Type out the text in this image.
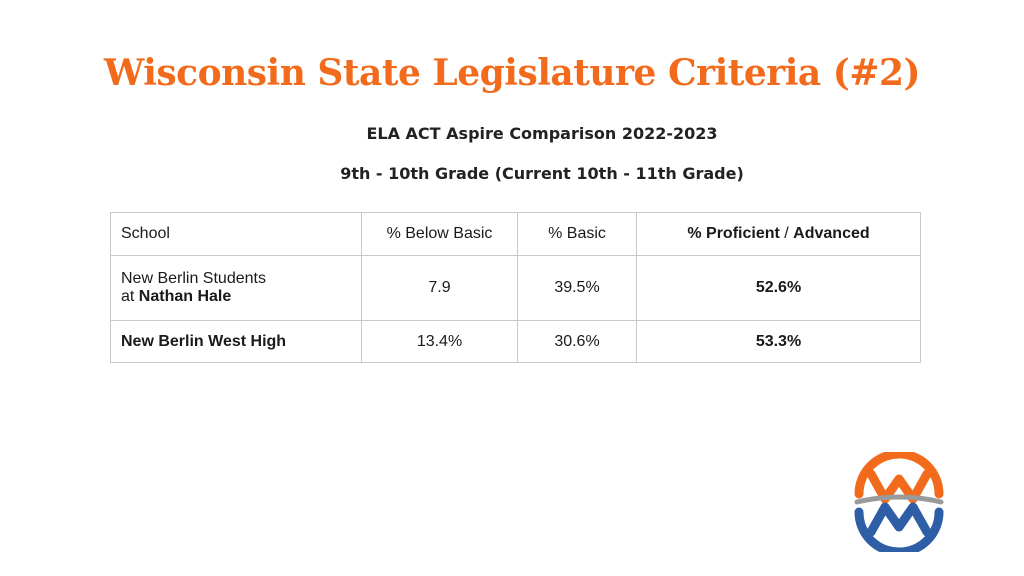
Wisconsin State Legislature Criteria (#2)
ELA ACT Aspire Comparison 2022-2023
9th - 10th Grade (Current 10th - 11th Grade)
School	% Below Basic	% Basic	% Proficient / Advanced
New Berlin Students
at Nathan Hale	7.9	39.5%	52.6%
New Berlin West High	13.4%	30.6%	53.3%
